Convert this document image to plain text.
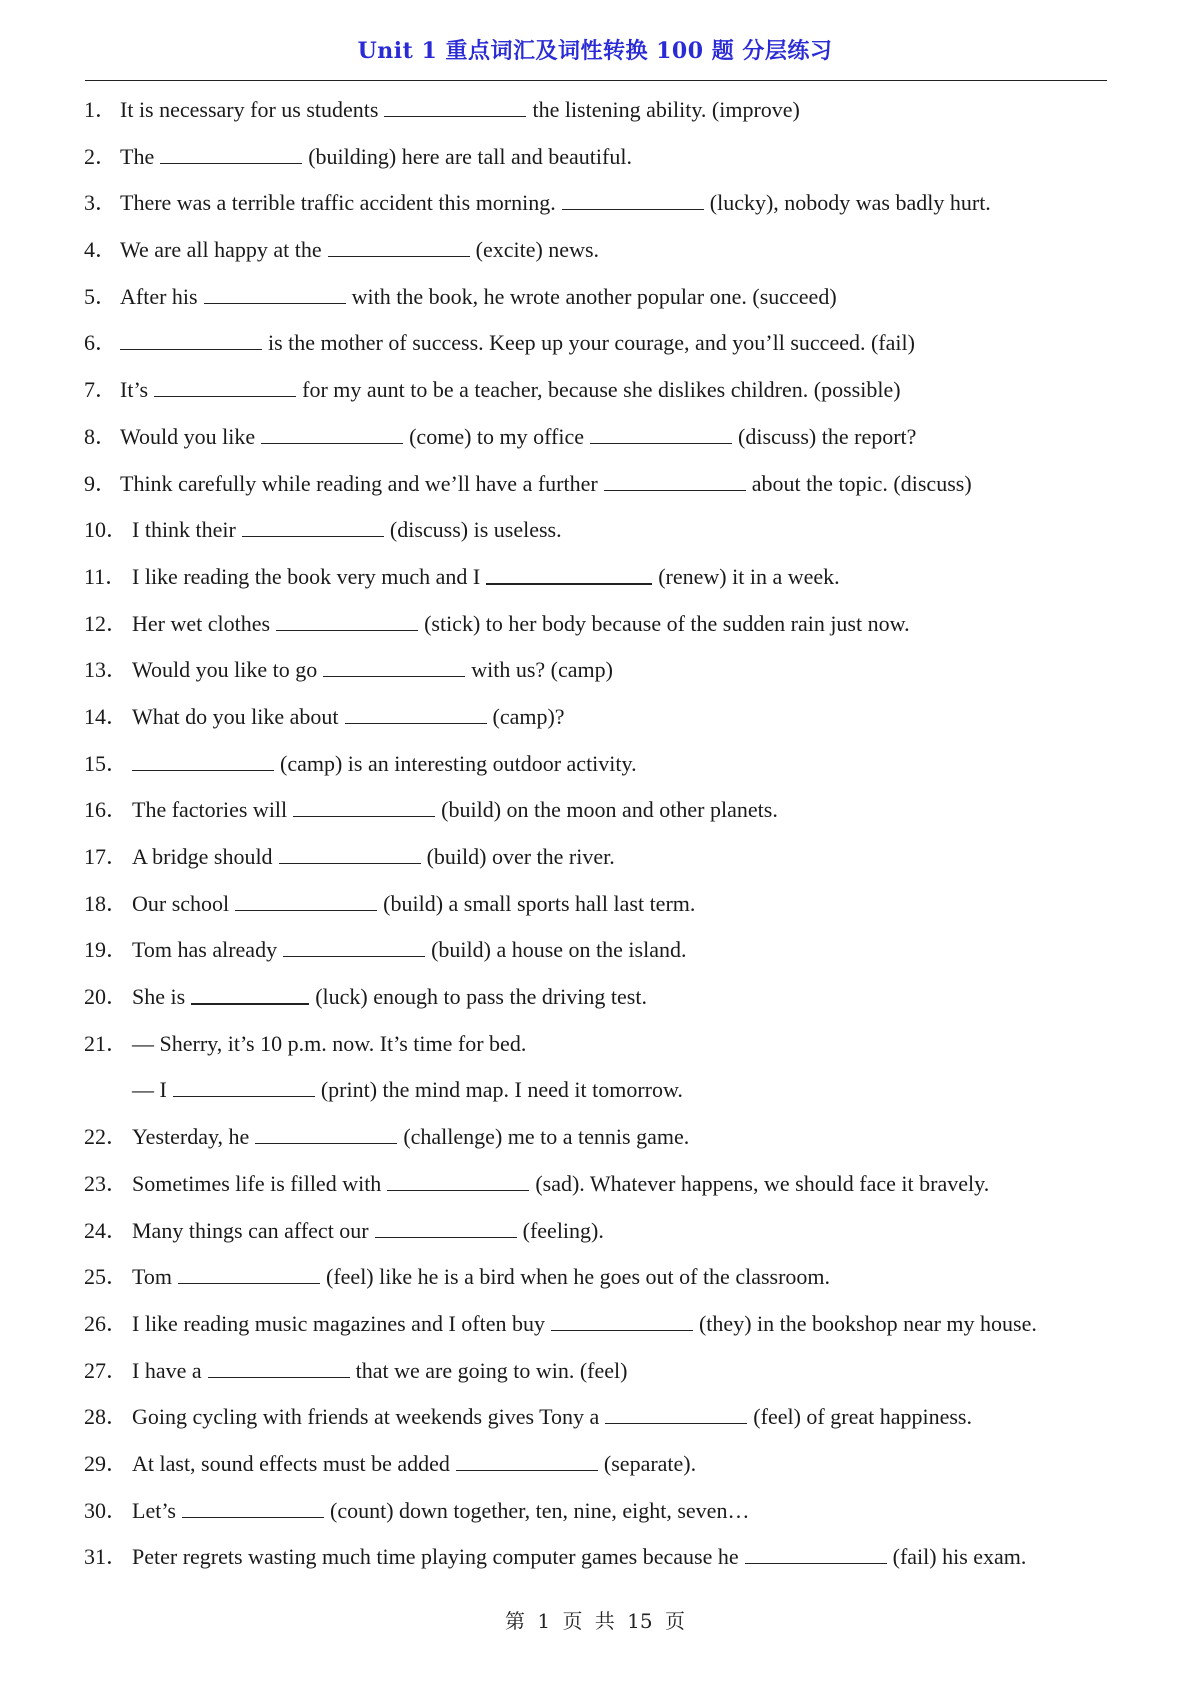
Unit 1 重点词汇及词性转换 100 题 分层练习
1． It is necessary for us students	the listening ability. (improve)
2． The	(building) here are tall and beautiful.
3． There was a terrible traffic accident this morning.	(lucky), nobody was badly hurt.
4． We are all happy at the	(excite) news.
5． After his	with the book, he wrote another popular one. (succeed)
6．	is the mother of success. Keep up your courage, and you’ll succeed. (fail)
7． It’s	for my aunt to be a teacher, because she dislikes children. (possible)
8． Would you like	(come) to my office	(discuss) the report?
9． Think carefully while reading and we’ll have a further	about the topic. (discuss)
10． I think their	(discuss) is useless.
11． I like reading the book very much and I	(renew) it in a week.
12． Her wet clothes	(stick) to her body because of the sudden rain just now.
13． Would you like to go	with us? (camp)
14． What do you like about	(camp)?
15．	(camp) is an interesting outdoor activity.
16． The factories will	(build) on the moon and other planets.
17． A bridge should	(build) over the river.
18． Our school	(build) a small sports hall last term.
19． Tom has already	(build) a house on the island.
20． She is	(luck) enough to pass the driving test.
21． — Sherry, it’s 10 p.m. now. It’s time for bed.
— I	(print) the mind map. I need it tomorrow.
22． Yesterday, he	(challenge) me to a tennis game.
23． Sometimes life is filled with	(sad). Whatever happens, we should face it bravely.
24． Many things can affect our	(feeling).
25． Tom	(feel) like he is a bird when he goes out of the classroom.
26． I like reading music magazines and I often buy	(they) in the bookshop near my house.
27． I have a	that we are going to win. (feel)
28． Going cycling with friends at weekends gives Tony a	(feel) of great happiness.
29． At last, sound effects must be added	(separate).
30． Let’s	(count) down together, ten, nine, eight, seven…
31． Peter regrets wasting much time playing computer games because he	(fail) his exam.
第 1 页 共 15 页
